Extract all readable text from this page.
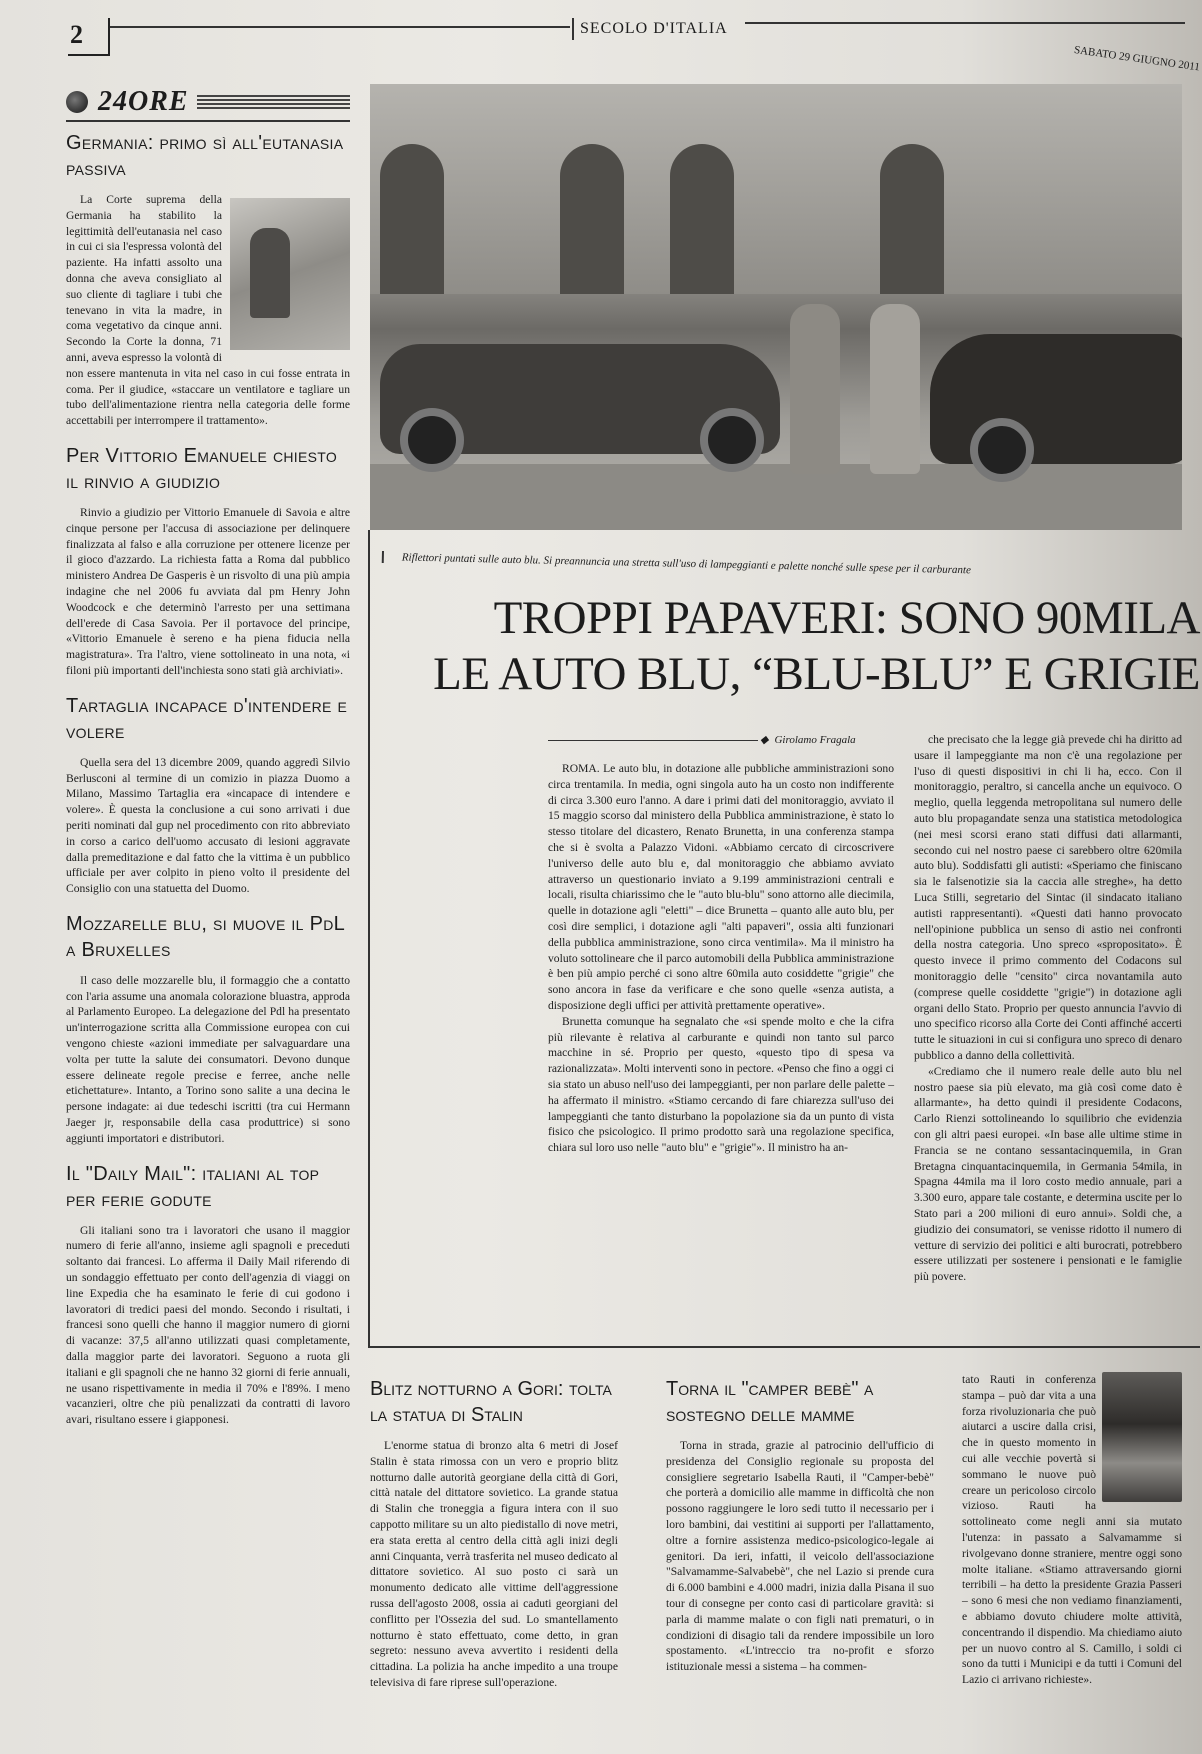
2	SECOLO D'ITALIA
SABATO 29 GIUGNO 2011
24ORE
Germania: primo sì all'eutanasia passiva

La Corte suprema della Germania ha stabilito la legittimità dell'eutanasia nel caso in cui ci sia l'espressa volontà del paziente. Ha infatti assolto una donna che aveva consigliato al suo cliente di tagliare i tubi che tenevano in vita la madre, in coma vegetativo da cinque anni. Secondo la Corte la donna, 71 anni, aveva espresso la volontà di non essere mantenuta in vita nel caso in cui fosse entrata in coma. Per il giudice, «staccare un ventilatore e tagliare un tubo dell'alimentazione rientra nella categoria delle forme accettabili per interrompere il trattamento».

Per Vittorio Emanuele chiesto il rinvio a giudizio

Rinvio a giudizio per Vittorio Emanuele di Savoia e altre cinque persone per l'accusa di associazione per delinquere finalizzata al falso e alla corruzione per ottenere licenze per il gioco d'azzardo. La richiesta fatta a Roma dal pubblico ministero Andrea De Gasperis è un risvolto di una più ampia indagine che nel 2006 fu avviata dal pm Henry John Woodcock e che determinò l'arresto per una settimana dell'erede di Casa Savoia. Per il portavoce del principe, «Vittorio Emanuele è sereno e ha piena fiducia nella magistratura». Tra l'altro, viene sottolineato in una nota, «i filoni più importanti dell'inchiesta sono stati già archiviati».

Tartaglia incapace d'intendere e volere

Quella sera del 13 dicembre 2009, quando aggredì Silvio Berlusconi al termine di un comizio in piazza Duomo a Milano, Massimo Tartaglia era «incapace di intendere e volere». È questa la conclusione a cui sono arrivati i due periti nominati dal gup nel procedimento con rito abbreviato in corso a carico dell'uomo accusato di lesioni aggravate dalla premeditazione e dal fatto che la vittima è un pubblico ufficiale per aver colpito in pieno volto il presidente del Consiglio con una statuetta del Duomo.

Mozzarelle blu, si muove il PdL a Bruxelles

Il caso delle mozzarelle blu, il formaggio che a contatto con l'aria assume una anomala colorazione bluastra, approda al Parlamento Europeo. La delegazione del Pdl ha presentato un'interrogazione scritta alla Commissione europea con cui vengono chieste «azioni immediate per salvaguardare una volta per tutte la salute dei consumatori. Devono dunque essere delineate regole precise e ferree, anche nelle etichettature». Intanto, a Torino sono salite a una decina le persone indagate: ai due tedeschi iscritti (tra cui Hermann Jaeger jr, responsabile della casa produttrice) si sono aggiunti importatori e distributori.

Il "Daily Mail": italiani al top per ferie godute

Gli italiani sono tra i lavoratori che usano il maggior numero di ferie all'anno, insieme agli spagnoli e preceduti soltanto dai francesi. Lo afferma il Daily Mail riferendo di un sondaggio effettuato per conto dell'agenzia di viaggi on line Expedia che ha esaminato le ferie di cui godono i lavoratori di tredici paesi del mondo. Secondo i risultati, i francesi sono quelli che hanno il maggior numero di giorni di vacanze: 37,5 all'anno utilizzati quasi completamente, dalla maggior parte dei lavoratori. Seguono a ruota gli italiani e gli spagnoli che ne hanno 32 giorni di ferie annuali, ne usano rispettivamente in media il 70% e l'89%. I meno vacanzieri, oltre che più penalizzati da contratti di lavoro avari, risultano essere i giapponesi.

Riflettori puntati sulle auto blu. Si preannuncia una stretta sull'uso di lampeggianti e palette nonché sulle spese per il carburante
TROPPI PAPAVERI: SONO 90MILA
LE AUTO BLU, “BLU-BLU” E GRIGIE
◆ Girolamo Fragala

ROMA. Le auto blu, in dotazione alle pubbliche amministrazioni sono circa trentamila. In media, ogni singola auto ha un costo non indifferente di circa 3.300 euro l'anno. A dare i primi dati del monitoraggio, avviato il 15 maggio scorso dal ministero della Pubblica amministrazione, è stato lo stesso titolare del dicastero, Renato Brunetta, in una conferenza stampa che si è svolta a Palazzo Vidoni. «Abbiamo cercato di circoscrivere l'universo delle auto blu e, dal monitoraggio che abbiamo avviato attraverso un questionario inviato a 9.199 amministrazioni centrali e locali, risulta chiarissimo che le "auto blu-blu" sono attorno alle diecimila, quelle in dotazione agli "eletti" – dice Brunetta – quanto alle auto blu, per così dire semplici, i dotazione agli "alti papaveri", ossia alti funzionari della pubblica amministrazione, sono circa ventimila». Ma il ministro ha voluto sottolineare che il parco automobili della Pubblica amministrazione è ben più ampio perché ci sono altre 60mila auto cosiddette "grigie" che sono ancora in fase da verificare e che sono quelle «senza autista, a disposizione degli uffici per attività prettamente operative».

Brunetta comunque ha segnalato che «si spende molto e che la cifra più rilevante è relativa al carburante e quindi non tanto sul parco macchine in sé. Proprio per questo, «questo tipo di spesa va razionalizzata». Molti interventi sono in pectore. «Penso che fino a oggi ci sia stato un abuso nell'uso dei lampeggianti, per non parlare delle palette – ha affermato il ministro. «Stiamo cercando di fare chiarezza sull'uso dei lampeggianti che tanto disturbano la popolazione sia da un punto di vista fisico che psicologico. Il primo prodotto sarà una regolazione specifica, chiara sul loro uso nelle "auto blu" e "grigie"». Il ministro ha an-

che precisato che la legge già prevede chi ha diritto ad usare il lampeggiante ma non c'è una regolazione per l'uso di questi dispositivi in chi li ha, ecco. Con il monitoraggio, peraltro, si cancella anche un equivoco. O meglio, quella leggenda metropolitana sul numero delle auto blu propagandate senza una statistica metodologica (nei mesi scorsi erano stati diffusi dati allarmanti, secondo cui nel nostro paese ci sarebbero oltre 620mila auto blu). Soddisfatti gli autisti: «Speriamo che finiscano sia le falsenotizie sia la caccia alle streghe», ha detto Luca Stilli, segretario del Sintac (il sindacato italiano autisti rappresentanti). «Questi dati hanno provocato nell'opinione pubblica un senso di astio nei confronti della nostra categoria. Uno spreco «spropositato». È questo invece il primo commento del Codacons sul monitoraggio delle "censito" circa novantamila auto (comprese quelle cosiddette "grigie") in dotazione agli organi dello Stato. Proprio per questo annuncia l'avvio di uno specifico ricorso alla Corte dei Conti affinché accerti tutte le situazioni in cui si configura uno spreco di denaro pubblico a danno della collettività.

«Crediamo che il numero reale delle auto blu nel nostro paese sia più elevato, ma già così come dato è allarmante», ha detto quindi il presidente Codacons, Carlo Rienzi sottolineando lo squilibrio che evidenzia con gli altri paesi europei. «In base alle ultime stime in Francia se ne contano sessantacinquemila, in Gran Bretagna cinquantacinquemila, in Germania 54mila, in Spagna 44mila ma il loro costo medio annuale, pari a 3.300 euro, appare tale costante, e determina uscite per lo Stato pari a 200 milioni di euro annui». Soldi che, a giudizio dei consumatori, se venisse ridotto il numero di vetture di servizio dei politici e alti burocrati, potrebbero essere utilizzati per sostenere i pensionati e le famiglie più povere.

Blitz notturno a Gori: tolta la statua di Stalin

L'enorme statua di bronzo alta 6 metri di Josef Stalin è stata rimossa con un vero e proprio blitz notturno dalle autorità georgiane della città di Gori, città natale del dittatore sovietico. La grande statua di Stalin che troneggia a figura intera con il suo cappotto militare su un alto piedistallo di nove metri, era stata eretta al centro della città agli inizi degli anni Cinquanta, verrà trasferita nel museo dedicato al dittatore sovietico. Al suo posto ci sarà un monumento dedicato alle vittime dell'aggressione russa dell'agosto 2008, ossia ai caduti georgiani del conflitto per l'Ossezia del sud. Lo smantellamento notturno è stato effettuato, come detto, in gran segreto: nessuno aveva avvertito i residenti della cittadina. La polizia ha anche impedito a una troupe televisiva di fare riprese sull'operazione.

Torna il "camper bebè" a sostegno delle mamme

Torna in strada, grazie al patrocinio dell'ufficio di presidenza del Consiglio regionale su proposta del consigliere segretario Isabella Rauti, il "Camper-bebè" che porterà a domicilio alle mamme in difficoltà che non possono raggiungere le loro sedi tutto il necessario per i loro bambini, dai vestitini ai supporti per l'allattamento, oltre a fornire assistenza medico-psicologico-legale ai genitori. Da ieri, infatti, il veicolo dell'associazione "Salvamamme-Salvabebè", che nel Lazio si prende cura di 6.000 bambini e 4.000 madri, inizia dalla Pisana il suo tour di consegne per conto casi di particolare gravità: si parla di mamme malate o con figli nati prematuri, o in condizioni di disagio tali da rendere impossibile un loro spostamento. «L'intreccio tra no-profit e sforzo istituzionale messi a sistema – ha commen-

tato Rauti in conferenza stampa – può dar vita a una forza rivoluzionaria che può aiutarci a uscire dalla crisi, che in questo momento in cui alle vecchie povertà si sommano le nuove può creare un pericoloso circolo vizioso. Rauti ha sottolineato come negli anni sia mutato l'utenza: in passato a Salvamamme si rivolgevano donne straniere, mentre oggi sono molte italiane. «Stiamo attraversando giorni terribili – ha detto la presidente Grazia Passeri – sono 6 mesi che non vediamo finanziamenti, e abbiamo dovuto chiudere molte attività, concentrando il dispendio. Ma chiediamo aiuto per un nuovo contro al S. Camillo, i soldi ci sono da tutti i Municipi e da tutti i Comuni del Lazio ci arrivano richieste».
